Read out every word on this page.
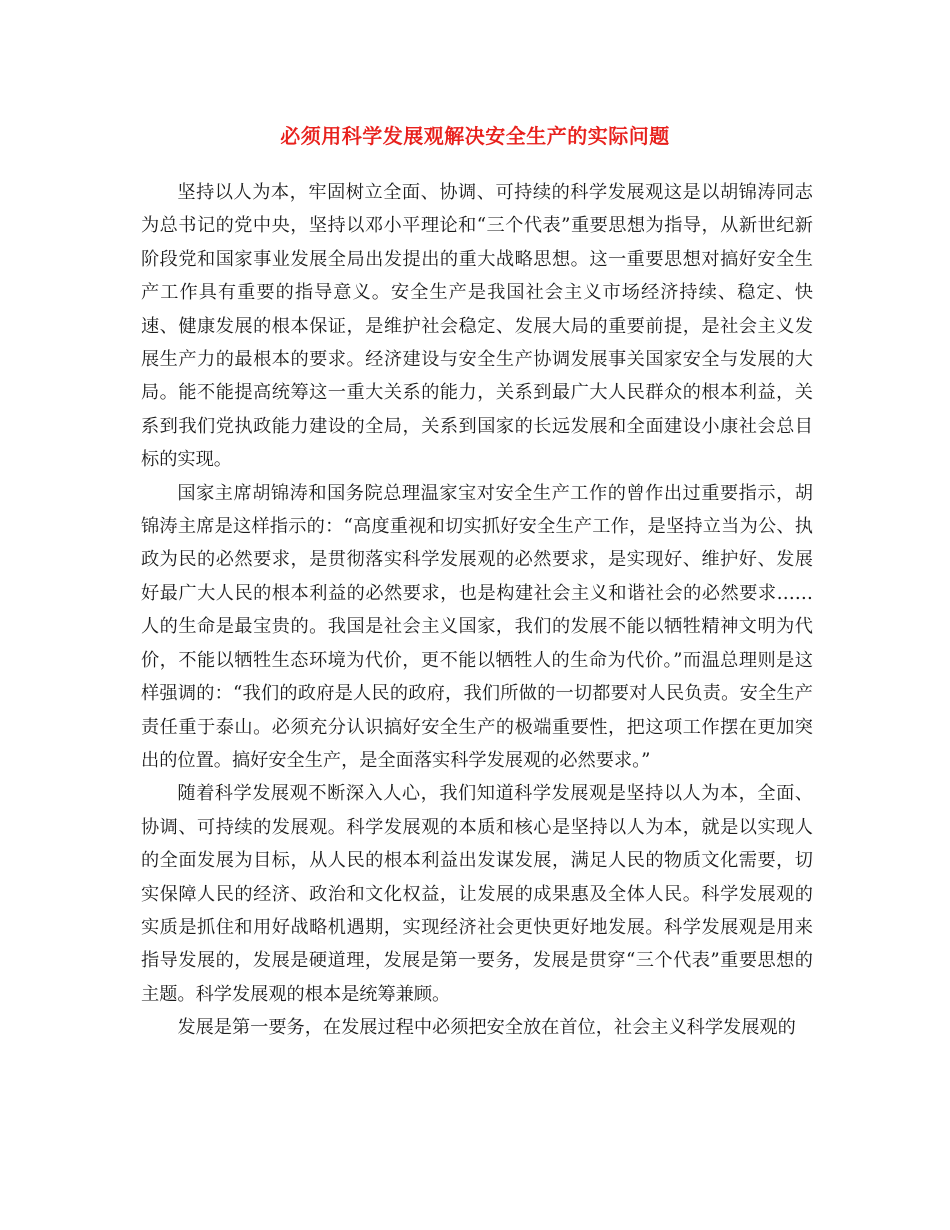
必须用科学发展观解决安全生产的实际问题

坚持以人为本，牢固树立全面、协调、可持续的科学发展观这是以胡锦涛同志为总书记的党中央，坚持以邓小平理论和“三个代表”重要思想为指导，从新世纪新阶段党和国家事业发展全局出发提出的重大战略思想。这一重要思想对搞好安全生产工作具有重要的指导意义。安全生产是我国社会主义市场经济持续、稳定、快速、健康发展的根本保证，是维护社会稳定、发展大局的重要前提，是社会主义发展生产力的最根本的要求。经济建设与安全生产协调发展事关国家安全与发展的大局。能不能提高统筹这一重大关系的能力，关系到最广大人民群众的根本利益，关系到我们党执政能力建设的全局，关系到国家的长远发展和全面建设小康社会总目标的实现。

国家主席胡锦涛和国务院总理温家宝对安全生产工作的曾作出过重要指示，胡锦涛主席是这样指示的：“高度重视和切实抓好安全生产工作，是坚持立当为公、执政为民的必然要求，是贯彻落实科学发展观的必然要求，是实现好、维护好、发展好最广大人民的根本利益的必然要求，也是构建社会主义和谐社会的必然要求……人的生命是最宝贵的。我国是社会主义国家，我们的发展不能以牺牲精神文明为代价，不能以牺牲生态环境为代价，更不能以牺牲人的生命为代价。”而温总理则是这样强调的：“我们的政府是人民的政府，我们所做的一切都要对人民负责。安全生产责任重于泰山。必须充分认识搞好安全生产的极端重要性，把这项工作摆在更加突出的位置。搞好安全生产，是全面落实科学发展观的必然要求。”

随着科学发展观不断深入人心，我们知道科学发展观是坚持以人为本，全面、协调、可持续的发展观。科学发展观的本质和核心是坚持以人为本，就是以实现人的全面发展为目标，从人民的根本利益出发谋发展，满足人民的物质文化需要，切实保障人民的经济、政治和文化权益，让发展的成果惠及全体人民。科学发展观的实质是抓住和用好战略机遇期，实现经济社会更快更好地发展。科学发展观是用来指导发展的，发展是硬道理，发展是第一要务，发展是贯穿“三个代表”重要思想的主题。科学发展观的根本是统筹兼顾。

发展是第一要务，在发展过程中必须把安全放在首位，社会主义科学发展观的
